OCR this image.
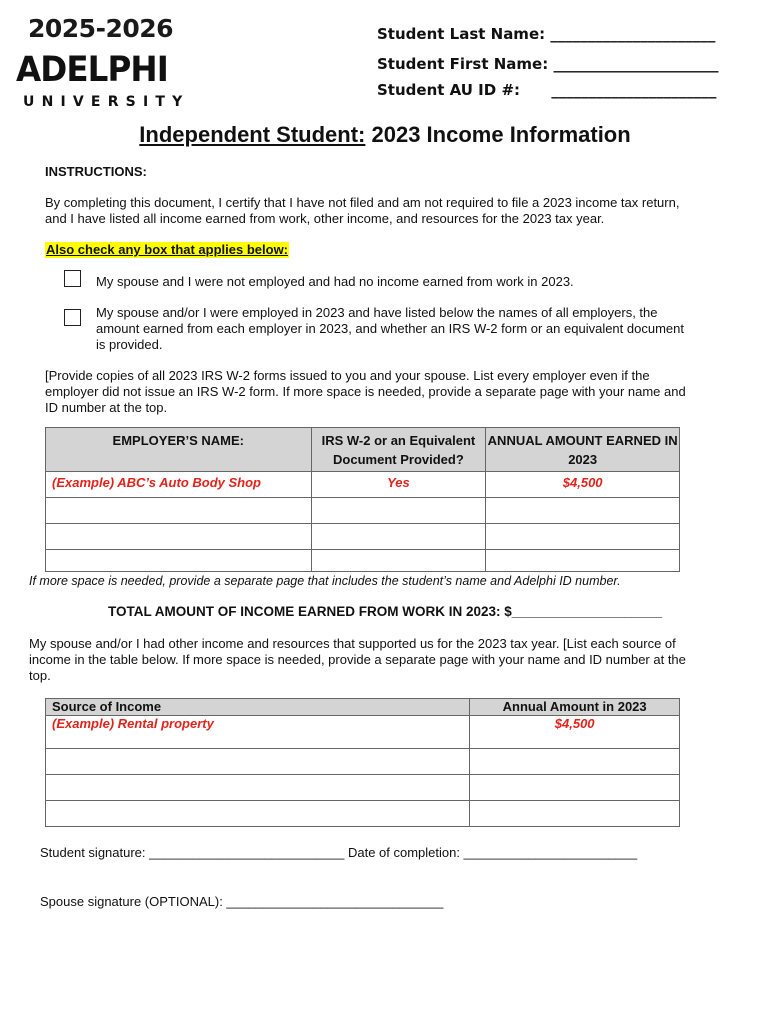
2025-2026
ADELPHI
UNIVERSITY
Student Last Name: ______________________
Student First Name: ______________________
Student AU ID #:      ______________________
Independent Student: 2023 Income Information
INSTRUCTIONS:
By completing this document, I certify that I have not filed and am not required to file a 2023 income tax return, and I have listed all income earned from work, other income, and resources for the 2023 tax year.
Also check any box that applies below:
My spouse and I were not employed and had no income earned from work in 2023.
My spouse and/or I were employed in 2023 and have listed below the names of all employers, the amount earned from each employer in 2023, and whether an IRS W-2 form or an equivalent document is provided.
[Provide copies of all 2023 IRS W-2 forms issued to you and your spouse. List every employer even if the employer did not issue an IRS W-2 form. If more space is needed, provide a separate page with your name and ID number at the top.
EMPLOYER’S NAME:	IRS W-2 or an Equivalent Document Provided?	ANNUAL AMOUNT EARNED IN 2023
(Example) ABC’s Auto Body Shop	Yes	$4,500

If more space is needed, provide a separate page that includes the student’s name and Adelphi ID number.
TOTAL AMOUNT OF INCOME EARNED FROM WORK IN 2023: $____________________
My spouse and/or I had other income and resources that supported us for the 2023 tax year. [List each source of income in the table below. If more space is needed, provide a separate page with your name and ID number at the top.
Source of Income	Annual Amount in 2023
(Example) Rental property	$4,500

Student signature: ___________________________ Date of completion: ________________________
Spouse signature (OPTIONAL): ______________________________
